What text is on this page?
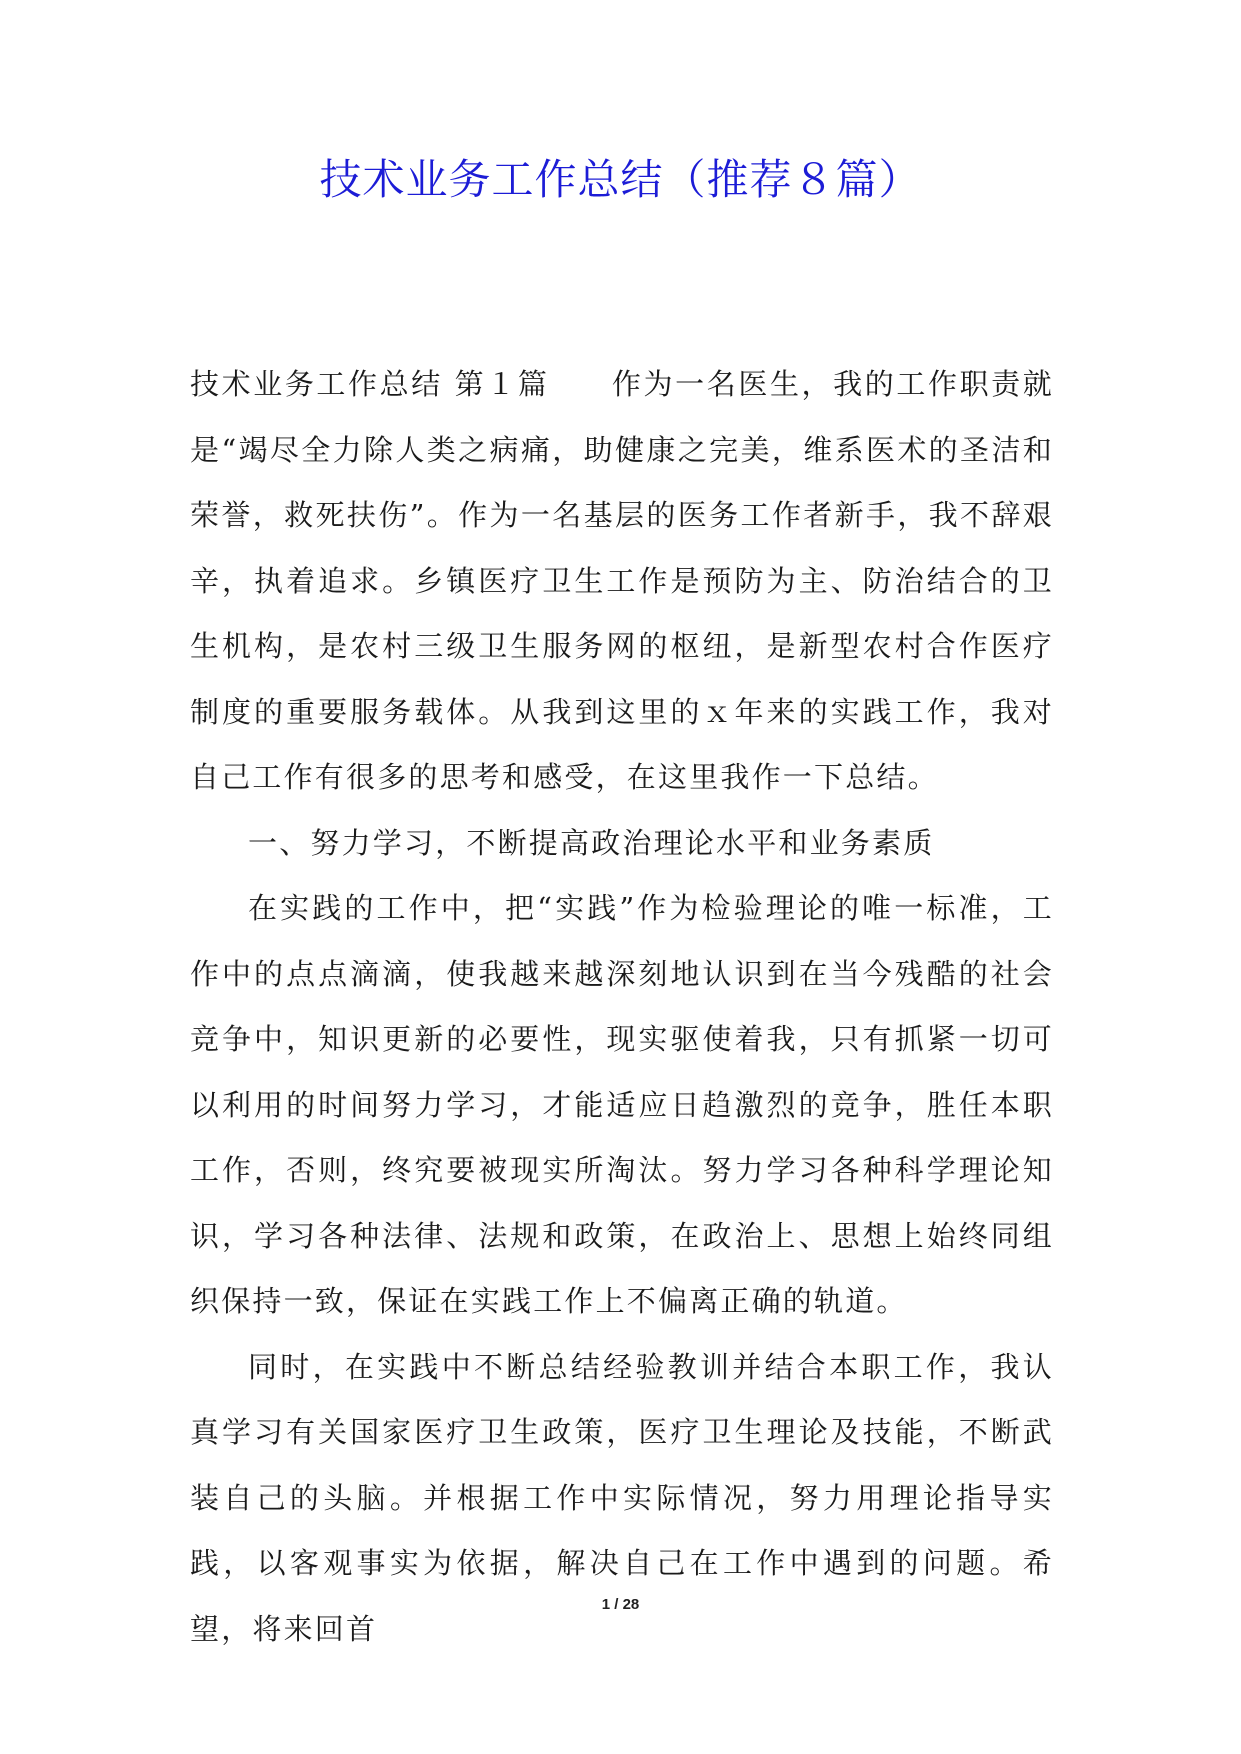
技术业务工作总结（推荐８篇）

技术业务工作总结 第１篇 作为一名医生，我的工作职责就是“竭尽全力除人类之病痛，助健康之完美，维系医术的圣洁和荣誉，救死扶伤”。作为一名基层的医务工作者新手，我不辞艰辛，执着追求。乡镇医疗卫生工作是预防为主、防治结合的卫生机构，是农村三级卫生服务网的枢纽，是新型农村合作医疗制度的重要服务载体。从我到这里的ｘ年来的实践工作，我对自己工作有很多的思考和感受，在这里我作一下总结。

一、努力学习，不断提高政治理论水平和业务素质

在实践的工作中，把“实践”作为检验理论的唯一标准，工作中的点点滴滴，使我越来越深刻地认识到在当今残酷的社会竞争中，知识更新的必要性，现实驱使着我，只有抓紧一切可以利用的时间努力学习，才能适应日趋激烈的竞争，胜任本职工作，否则，终究要被现实所淘汰。努力学习各种科学理论知识，学习各种法律、法规和政策，在政治上、思想上始终同组织保持一致，保证在实践工作上不偏离正确的轨道。

同时，在实践中不断总结经验教训并结合本职工作，我认真学习有关国家医疗卫生政策，医疗卫生理论及技能，不断武装自己的头脑。并根据工作中实际情况，努力用理论指导实践，以客观事实为依据，解决自己在工作中遇到的问题。希望，将来回首

1 / 28
